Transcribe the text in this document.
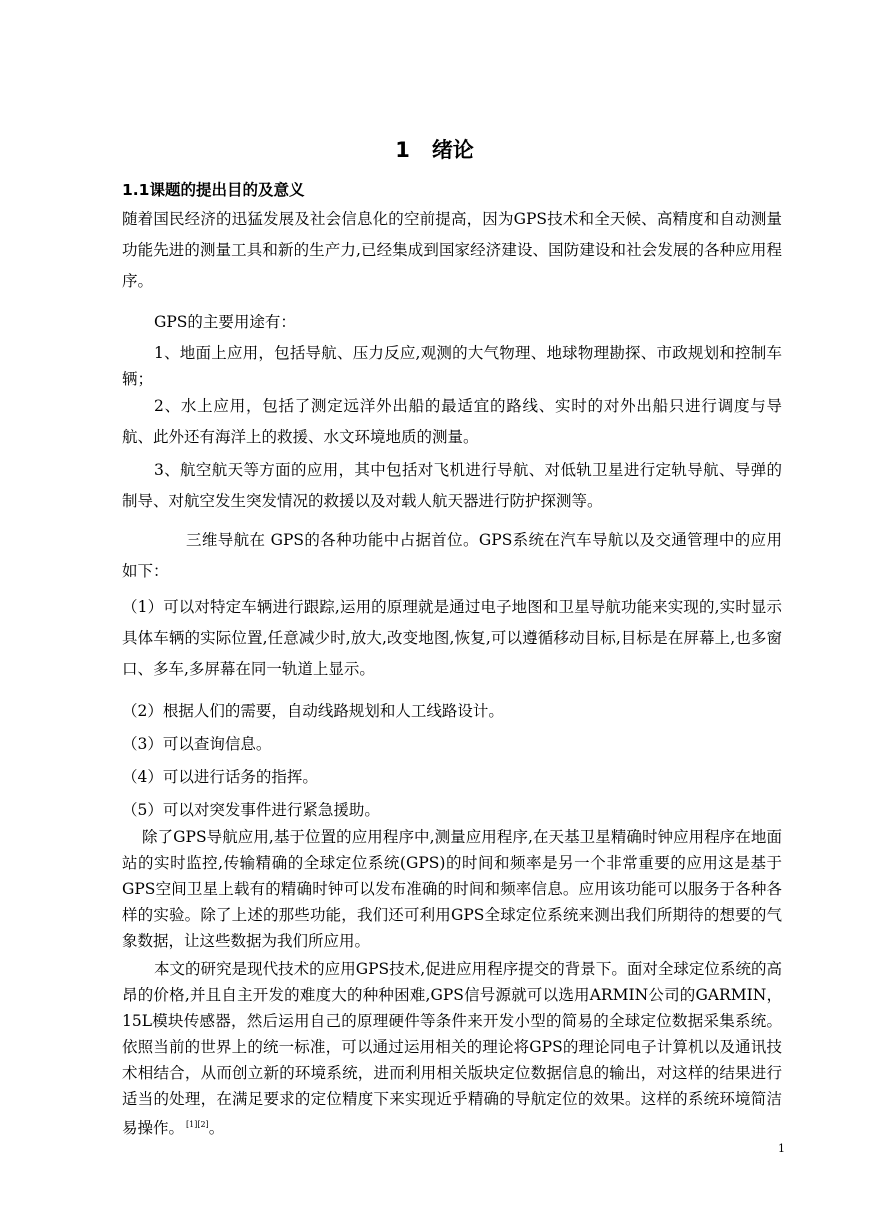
1 绪论
1.1课题的提出目的及意义

随着国民经济的迅猛发展及社会信息化的空前提高，因为GPS技术和全天候、高精度和自动测量功能先进的测量工具和新的生产力,已经集成到国家经济建设、国防建设和社会发展的各种应用程序。

GPS的主要用途有：

1、地面上应用，包括导航、压力反应,观测的大气物理、地球物理勘探、市政规划和控制车辆；

2、水上应用，包括了测定远洋外出船的最适宜的路线、实时的对外出船只进行调度与导航、此外还有海洋上的救援、水文环境地质的测量。

3、航空航天等方面的应用，其中包括对飞机进行导航、对低轨卫星进行定轨导航、导弹的制导、对航空发生突发情况的救援以及对载人航天器进行防护探测等。

三维导航在 GPS的各种功能中占据首位。GPS系统在汽车导航以及交通管理中的应用如下：

（1）可以对特定车辆进行跟踪,运用的原理就是通过电子地图和卫星导航功能来实现的,实时显示具体车辆的实际位置,任意减少时,放大,改变地图,恢复,可以遵循移动目标,目标是在屏幕上,也多窗口、多车,多屏幕在同一轨道上显示。

（2）根据人们的需要，自动线路规划和人工线路设计。

（3）可以查询信息。

（4）可以进行话务的指挥。

（5）可以对突发事件进行紧急援助。

除了GPS导航应用,基于位置的应用程序中,测量应用程序,在天基卫星精确时钟应用程序在地面站的实时监控,传输精确的全球定位系统(GPS)的时间和频率是另一个非常重要的应用这是基于GPS空间卫星上载有的精确时钟可以发布准确的时间和频率信息。应用该功能可以服务于各种各样的实验。除了上述的那些功能，我们还可利用GPS全球定位系统来测出我们所期待的想要的气象数据，让这些数据为我们所应用。

本文的研究是现代技术的应用GPS技术,促进应用程序提交的背景下。面对全球定位系统的高昂的价格,并且自主开发的难度大的种种困难,GPS信号源就可以选用ARMIN公司的GARMIN，15L模块传感器，然后运用自己的原理硬件等条件来开发小型的简易的全球定位数据采集系统。依照当前的世界上的统一标准，可以通过运用相关的理论将GPS的理论同电子计算机以及通讯技术相结合，从而创立新的环境系统，进而利用相关版块定位数据信息的输出，对这样的结果进行适当的处理，在满足要求的定位精度下来实现近乎精确的导航定位的效果。这样的系统环境简洁易操作。 [1][2]。

1
